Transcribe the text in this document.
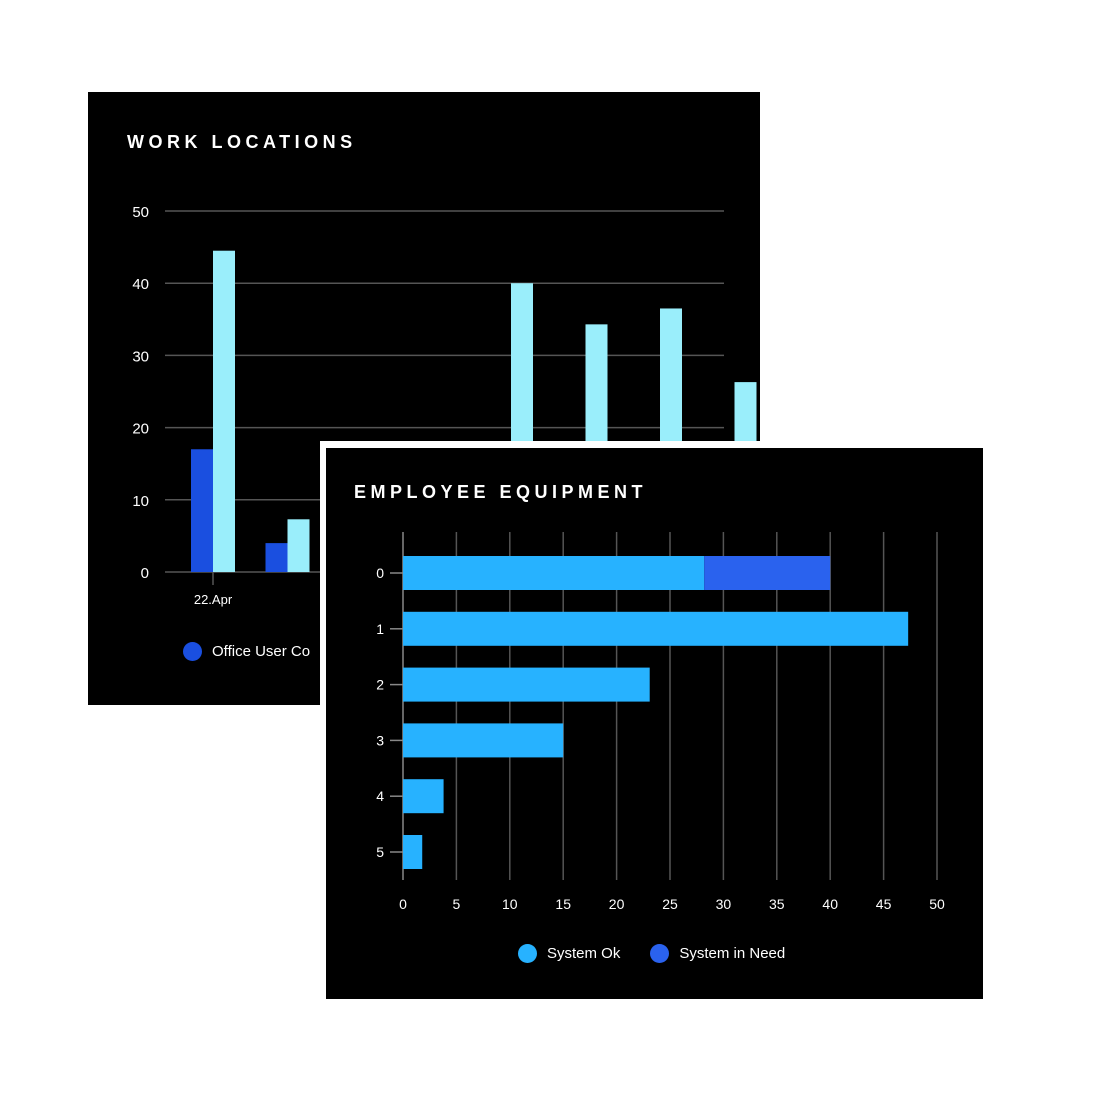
WORK LOCATIONS
0
10
20
30
40
50
22.Apr
Office User Co
EMPLOYEE EQUIPMENT
0	5	10	15	20	25	30	35	40	45	50
0
1
2
3
4
5
System Ok	System in Need
